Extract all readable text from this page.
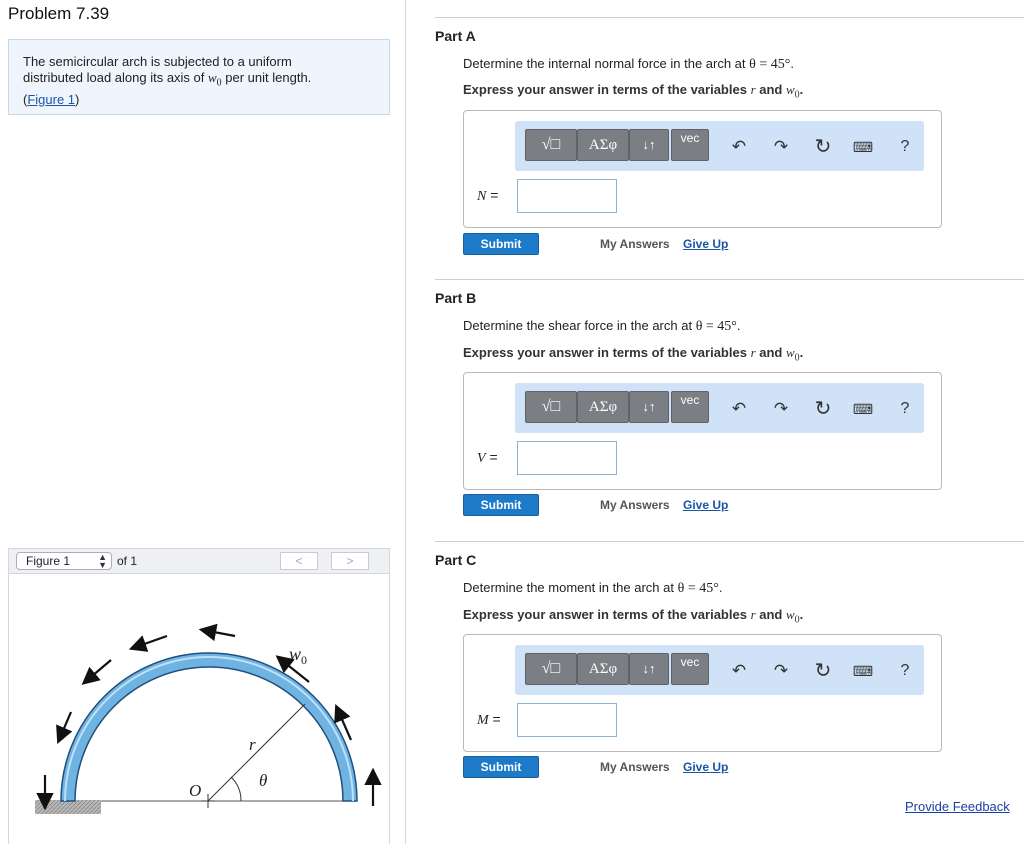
Problem 7.39
The semicircular arch is subjected to a uniform
distributed load along its axis of $w_0$ per unit length.
(Figure 1)
Figure 1	▲
▼ of 1	<	>
$w_0$
r
θ
O
Part A
Determine the internal normal force in the arch at θ = 45°.
Express your answer in terms of the variables r and $w_0$.
√□	ΑΣφ	↓↑	vec	↶ ↷ ↻ ⌨	?
N =
Submit	My Answers Give Up
Part B
Determine the shear force in the arch at θ = 45°.
Express your answer in terms of the variables r and $w_0$.
√□	ΑΣφ	↓↑	vec	↶ ↷ ↻ ⌨	?
V =
Submit	My Answers Give Up
Part C
Determine the moment in the arch at θ = 45°.
Express your answer in terms of the variables r and $w_0$.
√□	ΑΣφ	↓↑	vec	↶ ↷ ↻ ⌨	?
M =
Submit	My Answers Give Up
Provide Feedback
